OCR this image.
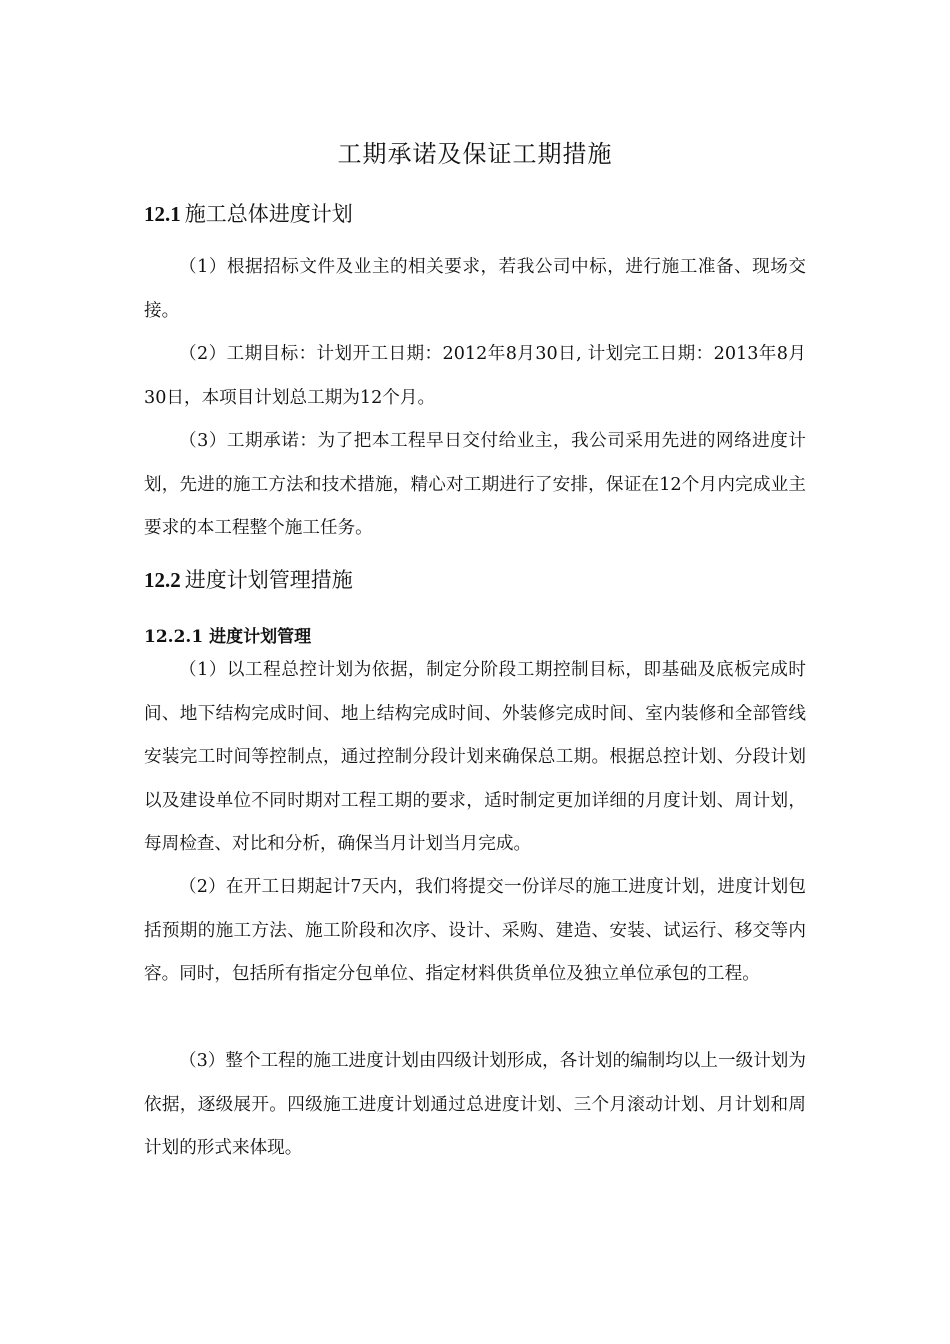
工期承诺及保证工期措施
12.1 施工总体进度计划

（1）根据招标文件及业主的相关要求，若我公司中标，进行施工准备、现场交接。

（2）工期目标：计划开工日期：2012年8月30日, 计划完工日期：2013年8月30日，本项目计划总工期为12个月。

（3）工期承诺：为了把本工程早日交付给业主，我公司采用先进的网络进度计划，先进的施工方法和技术措施，精心对工期进行了安排，保证在12个月内完成业主要求的本工程整个施工任务。

12.2 进度计划管理措施
12.2.1 进度计划管理

（1）以工程总控计划为依据，制定分阶段工期控制目标，即基础及底板完成时间、地下结构完成时间、地上结构完成时间、外装修完成时间、室内装修和全部管线安装完工时间等控制点，通过控制分段计划来确保总工期。根据总控计划、分段计划以及建设单位不同时期对工程工期的要求，适时制定更加详细的月度计划、周计划，每周检查、对比和分析，确保当月计划当月完成。

（2）在开工日期起计7天内，我们将提交一份详尽的施工进度计划，进度计划包括预期的施工方法、施工阶段和次序、设计、采购、建造、安装、试运行、移交等内容。同时，包括所有指定分包单位、指定材料供货单位及独立单位承包的工程。

（3）整个工程的施工进度计划由四级计划形成，各计划的编制均以上一级计划为依据，逐级展开。四级施工进度计划通过总进度计划、三个月滚动计划、月计划和周计划的形式来体现。
